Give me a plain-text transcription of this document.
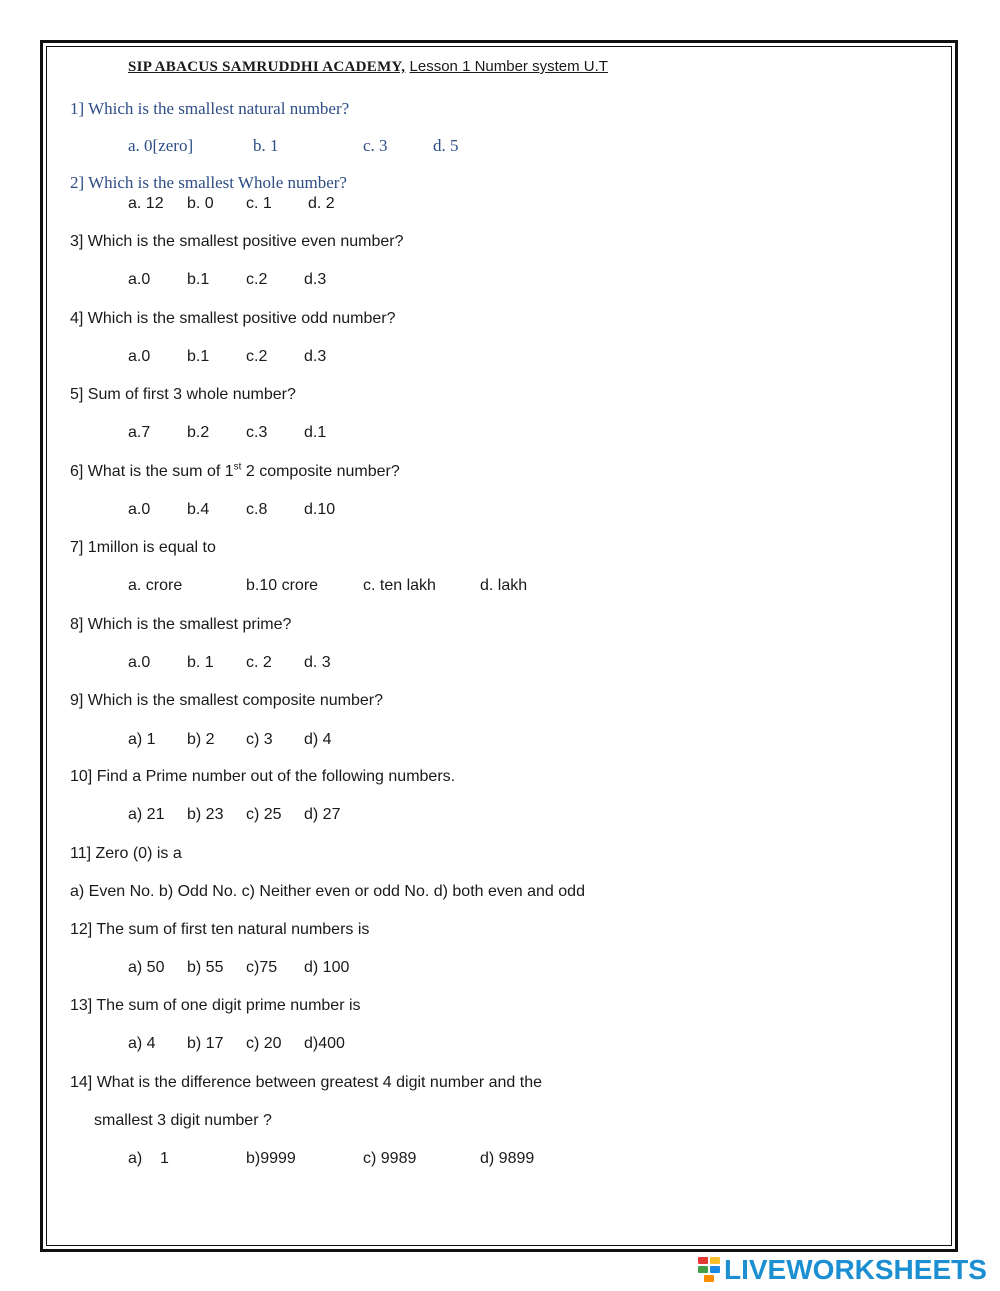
SIP ABACUS SAMRUDDHI ACADEMY, Lesson 1 Number system U.T
1] Which is the smallest natural number?
a. 0[zero]	b. 1	c. 3	d. 5
2] Which is the smallest Whole number?
a. 12 b. 0 c. 1 d. 2
3] Which is the smallest positive even number?
a.0 b.1 c.2 d.3
4] Which is the smallest positive odd number?
a.0 b.1 c.2 d.3
5] Sum of first 3 whole number?
a.7 b.2 c.3 d.1
6] What is the sum of 1st 2 composite number?
a.0 b.4 c.8 d.10
7] 1millon is equal to
a. crore	b.10 crore	c. ten lakh	d. lakh
8] Which is the smallest prime?
a.0 b. 1 c. 2 d. 3
9] Which is the smallest composite number?
a) 1 b) 2 c) 3 d) 4
10] Find a Prime number out of the following numbers.
a) 21 b) 23 c) 25 d) 27
11] Zero (0) is a
a) Even No. b) Odd No. c) Neither even or odd No. d) both even and odd
12] The sum of first ten natural numbers is
a) 50 b) 55 c)75 d) 100
13] The sum of one digit prime number is
a) 4 b) 17 c) 20 d)400
14] What is the difference between greatest 4 digit number and the
smallest 3 digit number ?
a)    1	b)9999	c) 9989	d) 9899
LIVEWORKSHEETS
